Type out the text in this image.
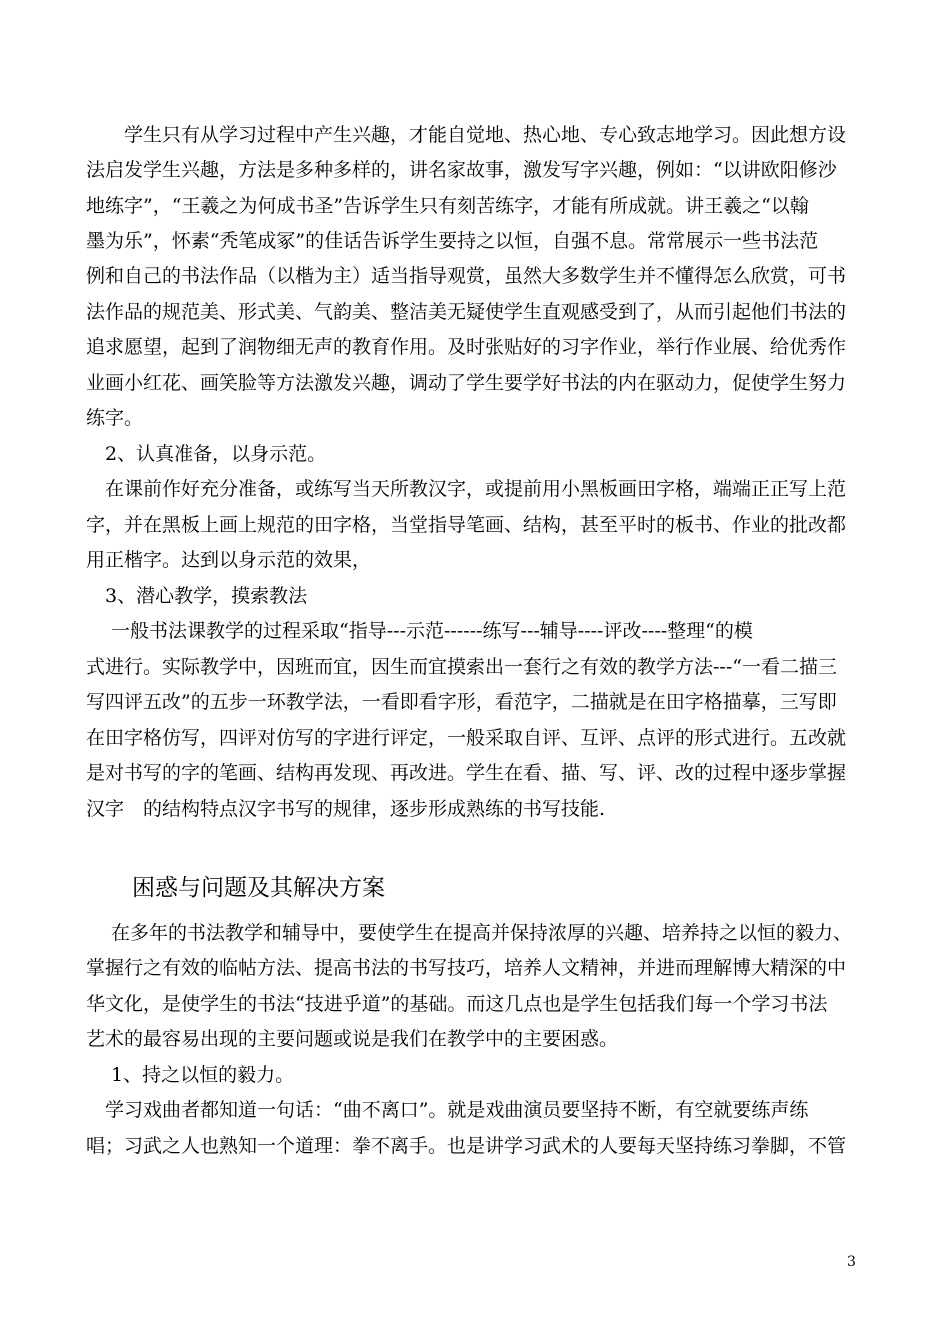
　　学生只有从学习过程中产生兴趣，才能自觉地、热心地、专心致志地学习。因此想方设
法启发学生兴趣，方法是多种多样的，讲名家故事，激发写字兴趣，例如：“以讲欧阳修沙
地练字”，“王羲之为何成书圣”告诉学生只有刻苦练字，才能有所成就。讲王羲之“以翰
墨为乐”，怀素“秃笔成冢”的佳话告诉学生要持之以恒，自强不息。常常展示一些书法范
例和自己的书法作品（以楷为主）适当指导观赏，虽然大多数学生并不懂得怎么欣赏，可书
法作品的规范美、形式美、气韵美、整洁美无疑使学生直观感受到了，从而引起他们书法的
追求愿望，起到了润物细无声的教育作用。及时张贴好的习字作业，举行作业展、给优秀作
业画小红花、画笑脸等方法激发兴趣，调动了学生要学好书法的内在驱动力，促使学生努力
练字。
　2、认真准备，以身示范。
　在课前作好充分准备，或练写当天所教汉字，或提前用小黑板画田字格，端端正正写上范
字，并在黑板上画上规范的田字格，当堂指导笔画、结构，甚至平时的板书、作业的批改都
用正楷字。达到以身示范的效果，
　3、潜心教学，摸索教法
　 一般书法课教学的过程采取“指导---示范------练写---辅导----评改----整理“的模
式进行。实际教学中，因班而宜，因生而宜摸索出一套行之有效的教学方法---“一看二描三
写四评五改”的五步一环教学法，一看即看字形，看范字，二描就是在田字格描摹，三写即
在田字格仿写，四评对仿写的字进行评定，一般采取自评、互评、点评的形式进行。五改就
是对书写的字的笔画、结构再发现、再改进。学生在看、描、写、评、改的过程中逐步掌握
汉字　的结构特点汉字书写的规律，逐步形成熟练的书写技能.
困惑与问题及其解决方案
　 在多年的书法教学和辅导中，要使学生在提高并保持浓厚的兴趣、培养持之以恒的毅力、
掌握行之有效的临帖方法、提高书法的书写技巧，培养人文精神，并进而理解博大精深的中
华文化，是使学生的书法“技进乎道”的基础。而这几点也是学生包括我们每一个学习书法
艺术的最容易出现的主要问题或说是我们在教学中的主要困惑。
　 1、持之以恒的毅力。
　学习戏曲者都知道一句话：“曲不离口”。就是戏曲演员要坚持不断，有空就要练声练
唱；习武之人也熟知一个道理：拳不离手。也是讲学习武术的人要每天坚持练习拳脚，不管
3
